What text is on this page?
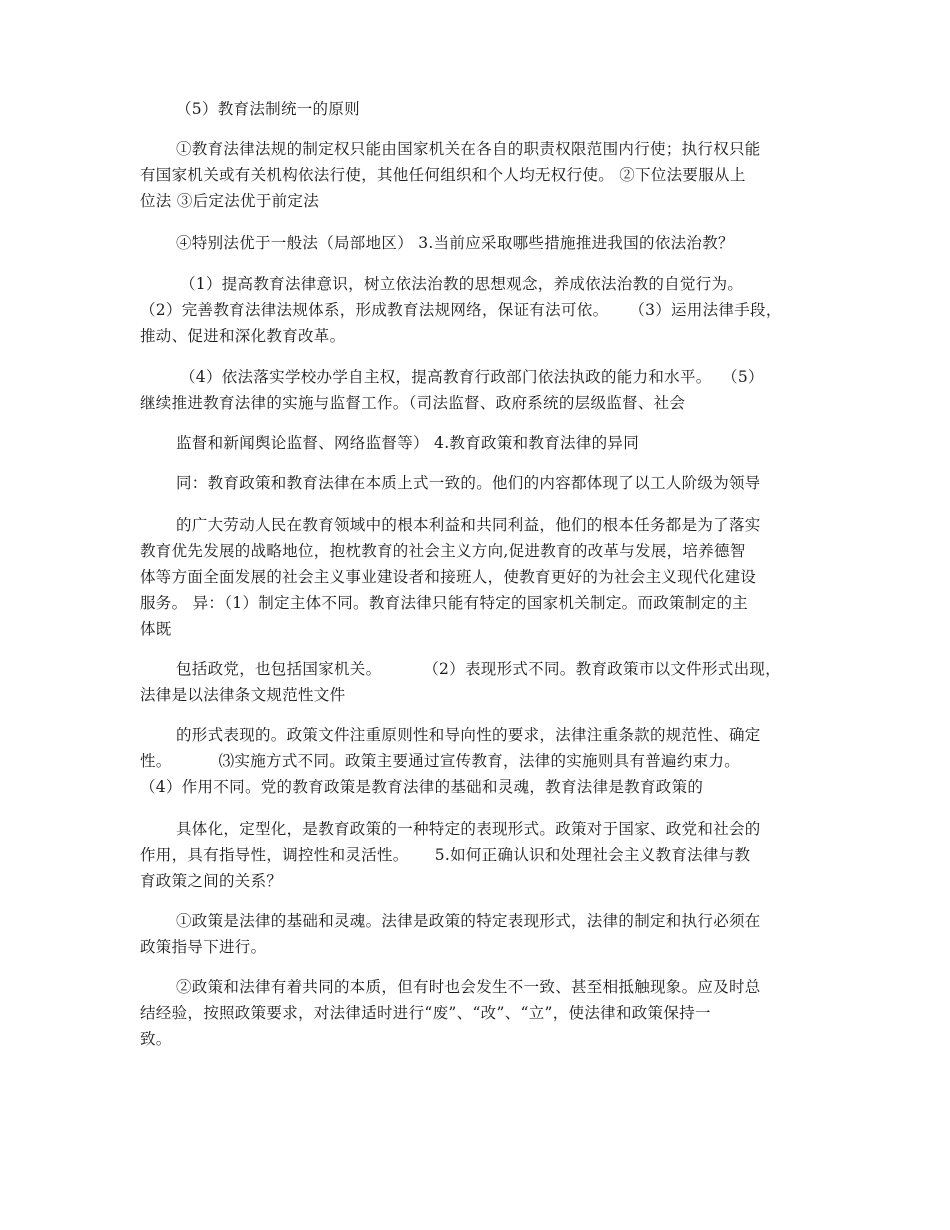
（5）教育法制统一的原则
①教育法律法规的制定权只能由国家机关在各自的职责权限范围内行使；执行权只能
有国家机关或有关机构依法行使，其他任何组织和个人均无权行使。 ②下位法要服从上
位法 ③后定法优于前定法
④特别法优于一般法（局部地区） 3.当前应采取哪些措施推进我国的依法治教？
（1）提高教育法律意识，树立依法治教的思想观念，养成依法治教的自觉行为。
（2）完善教育法律法规体系，形成教育法规网络，保证有法可依。    （3）运用法律手段，
推动、促进和深化教育改革。
（4）依法落实学校办学自主权，提高教育行政部门依法执政的能力和水平。  （5）
继续推进教育法律的实施与监督工作。（司法监督、政府系统的层级监督、社会
监督和新闻舆论监督、网络监督等） 4.教育政策和教育法律的异同
同：教育政策和教育法律在本质上式一致的。他们的内容都体现了以工人阶级为领导
的广大劳动人民在教育领域中的根本利益和共同利益，他们的根本任务都是为了落实
教育优先发展的战略地位，抱枕教育的社会主义方向,促进教育的改革与发展，培养德智
体等方面全面发展的社会主义事业建设者和接班人，使教育更好的为社会主义现代化建设
服务。 异：（1）制定主体不同。教育法律只能有特定的国家机关制定。而政策制定的主
体既
包括政党，也包括国家机关。        （2）表现形式不同。教育政策市以文件形式出现，
法律是以法律条文规范性文件
的形式表现的。政策文件注重原则性和导向性的要求，法律注重条款的规范性、确定
性。         ⑶实施方式不同。政策主要通过宣传教育，法律的实施则具有普遍约束力。
（4）作用不同。党的教育政策是教育法律的基础和灵魂，教育法律是教育政策的
具体化，定型化，是教育政策的一种特定的表现形式。政策对于国家、政党和社会的
作用，具有指导性，调控性和灵活性。     5.如何正确认识和处理社会主义教育法律与教
育政策之间的关系？
①政策是法律的基础和灵魂。法律是政策的特定表现形式，法律的制定和执行必须在
政策指导下进行。
②政策和法律有着共同的本质，但有时也会发生不一致、甚至相抵触现象。应及时总
结经验，按照政策要求，对法律适时进行“废”、“改”、“立”，使法律和政策保持一
致。
